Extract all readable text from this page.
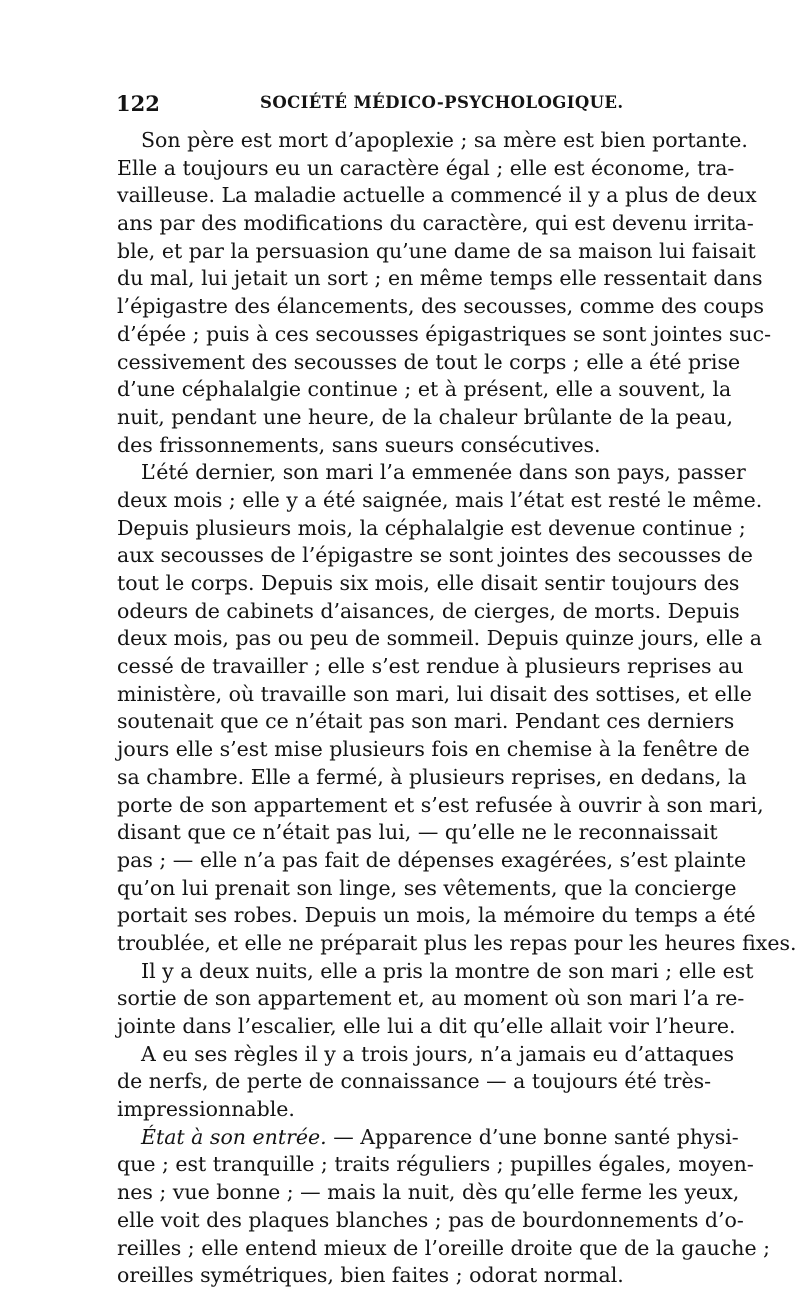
122	SOCIÉTÉ MÉDICO-PSYCHOLOGIQUE.
Son père est mort d’apoplexie ; sa mère est bien portante.
Elle a toujours eu un caractère égal ; elle est économe, tra-
vailleuse. La maladie actuelle a commencé il y a plus de deux
ans par des modifications du caractère, qui est devenu irrita-
ble, et par la persuasion qu’une dame de sa maison lui faisait
du mal, lui jetait un sort ; en même temps elle ressentait dans
l’épigastre des élancements, des secousses, comme des coups
d’épée ; puis à ces secousses épigastriques se sont jointes suc-
cessivement des secousses de tout le corps ; elle a été prise
d’une céphalalgie continue ; et à présent, elle a souvent, la
nuit, pendant une heure, de la chaleur brûlante de la peau,
des frissonnements, sans sueurs consécutives.
L’été dernier, son mari l’a emmenée dans son pays, passer
deux mois ; elle y a été saignée, mais l’état est resté le même.
Depuis plusieurs mois, la céphalalgie est devenue continue ;
aux secousses de l’épigastre se sont jointes des secousses de
tout le corps. Depuis six mois, elle disait sentir toujours des
odeurs de cabinets d’aisances, de cierges, de morts. Depuis
deux mois, pas ou peu de sommeil. Depuis quinze jours, elle a
cessé de travailler ; elle s’est rendue à plusieurs reprises au
ministère, où travaille son mari, lui disait des sottises, et elle
soutenait que ce n’était pas son mari. Pendant ces derniers
jours elle s’est mise plusieurs fois en chemise à la fenêtre de
sa chambre. Elle a fermé, à plusieurs reprises, en dedans, la
porte de son appartement et s’est refusée à ouvrir à son mari,
disant que ce n’était pas lui, — qu’elle ne le reconnaissait
pas ; — elle n’a pas fait de dépenses exagérées, s’est plainte
qu’on lui prenait son linge, ses vêtements, que la concierge
portait ses robes. Depuis un mois, la mémoire du temps a été
troublée, et elle ne préparait plus les repas pour les heures fixes.
Il y a deux nuits, elle a pris la montre de son mari ; elle est
sortie de son appartement et, au moment où son mari l’a re-
jointe dans l’escalier, elle lui a dit qu’elle allait voir l’heure.
A eu ses règles il y a trois jours, n’a jamais eu d’attaques
de nerfs, de perte de connaissance — a toujours été très-
impressionnable.
État à son entrée. — Apparence d’une bonne santé physi-
que ; est tranquille ; traits réguliers ; pupilles égales, moyen-
nes ; vue bonne ; — mais la nuit, dès qu’elle ferme les yeux,
elle voit des plaques blanches ; pas de bourdonnements d’o-
reilles ; elle entend mieux de l’oreille droite que de la gauche ;
oreilles symétriques, bien faites ; odorat normal.
